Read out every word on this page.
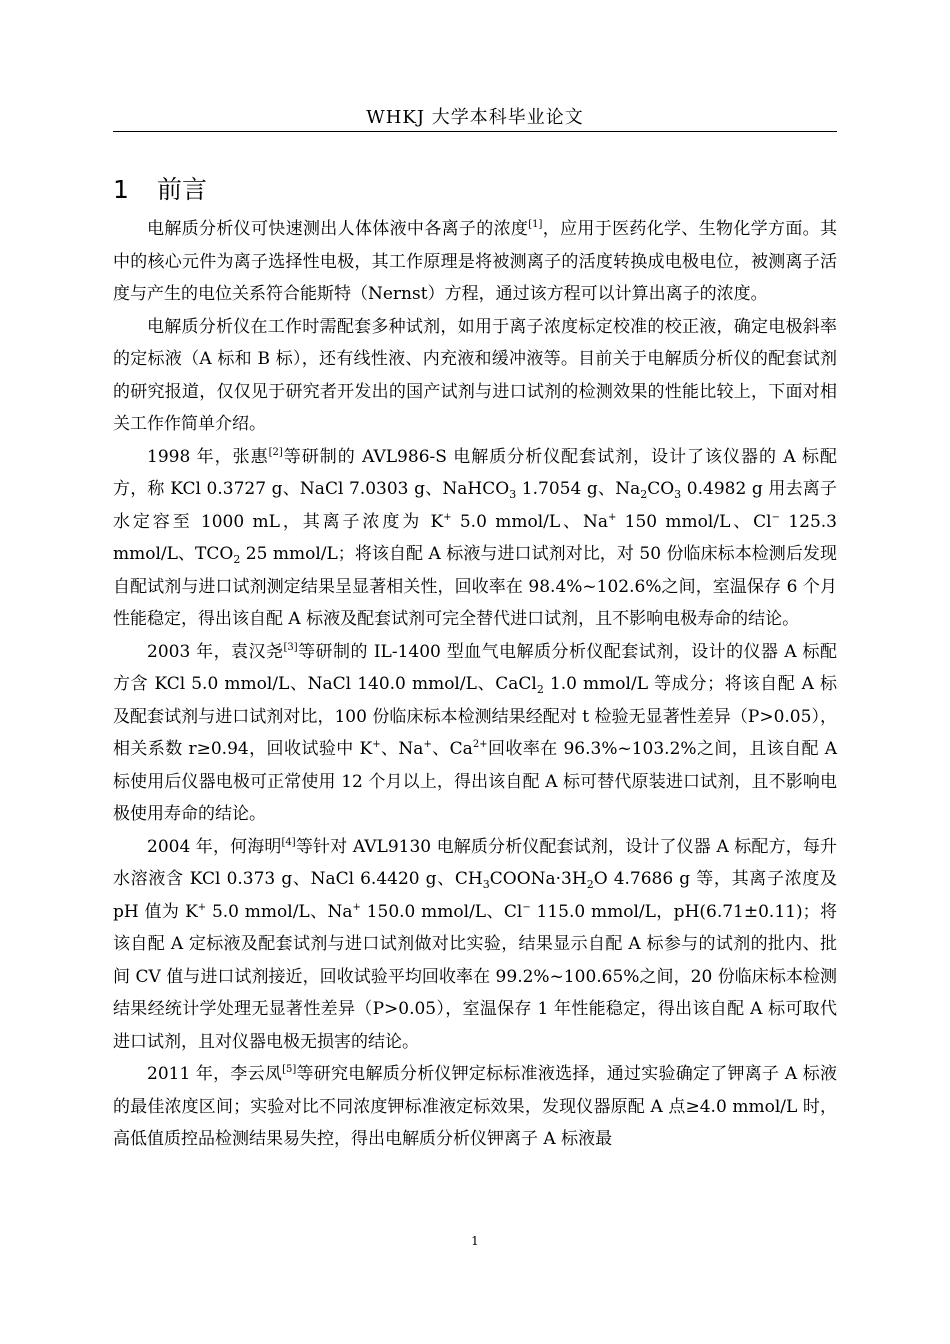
WHKJ 大学本科毕业论文
1 前言

电解质分析仪可快速测出人体体液中各离子的浓度[1]，应用于医药化学、生物化学方面。其中的核心元件为离子选择性电极，其工作原理是将被测离子的活度转换成电极电位，被测离子活度与产生的电位关系符合能斯特（Nernst）方程，通过该方程可以计算出离子的浓度。

电解质分析仪在工作时需配套多种试剂，如用于离子浓度标定校准的校正液，确定电极斜率的定标液（A 标和 B 标），还有线性液、内充液和缓冲液等。目前关于电解质分析仪的配套试剂的研究报道，仅仅见于研究者开发出的国产试剂与进口试剂的检测效果的性能比较上，下面对相关工作作简单介绍。

1998 年，张惠[2]等研制的 AVL986-S 电解质分析仪配套试剂，设计了该仪器的 A 标配方，称 KCl 0.3727 g、NaCl 7.0303 g、NaHCO$_3$ 1.7054 g、$Na_2CO_3$ 0.4982 g 用去离子水定容至 1000 mL，其离子浓度为 K+ 5.0 mmol/L、Na+ 150 mmol/L、Cl− 125.3 mmol/L、$TCO_2$ 25 mmol/L；将该自配 A 标液与进口试剂对比，对 50 份临床标本检测后发现自配试剂与进口试剂测定结果呈显著相关性，回收率在 98.4%~102.6%之间，室温保存 6 个月性能稳定，得出该自配 A 标液及配套试剂可完全替代进口试剂，且不影响电极寿命的结论。

2003 年，袁汉尧[3]等研制的 IL-1400 型血气电解质分析仪配套试剂，设计的仪器 A 标配方含 KCl 5.0 mmol/L、NaCl 140.0 mmol/L、CaCl$_2$ 1.0 mmol/L 等成分；将该自配 A 标及配套试剂与进口试剂对比，100 份临床标本检测结果经配对 t 检验无显著性差异（P>0.05），相关系数 r≥0.94，回收试验中 K+、Na+、$Ca^{2+}$回收率在 96.3%~103.2%之间，且该自配 A 标使用后仪器电极可正常使用 12 个月以上，得出该自配 A 标可替代原装进口试剂，且不影响电极使用寿命的结论。

2004 年，何海明[4]等针对 AVL9130 电解质分析仪配套试剂，设计了仪器 A 标配方，每升水溶液含 KCl 0.373 g、NaCl 6.4420 g、$CH_3COONa\cdot 3H_2O$ 4.7686 g 等，其离子浓度及 pH 值为 K+ 5.0 mmol/L、Na+ 150.0 mmol/L、Cl− 115.0 mmol/L，pH(6.71±0.11)；将该自配 A 定标液及配套试剂与进口试剂做对比实验，结果显示自配 A 标参与的试剂的批内、批间 CV 值与进口试剂接近，回收试验平均回收率在 99.2%~100.65%之间，20 份临床标本检测结果经统计学处理无显著性差异（P>0.05），室温保存 1 年性能稳定，得出该自配 A 标可取代进口试剂，且对仪器电极无损害的结论。

2011 年，李云凤[5]等研究电解质分析仪钾定标标准液选择，通过实验确定了钾离子 A 标液的最佳浓度区间；实验对比不同浓度钾标准液定标效果，发现仪器原配 A 点≥4.0 mmol/L 时，高低值质控品检测结果易失控，得出电解质分析仪钾离子 A 标液最

1
